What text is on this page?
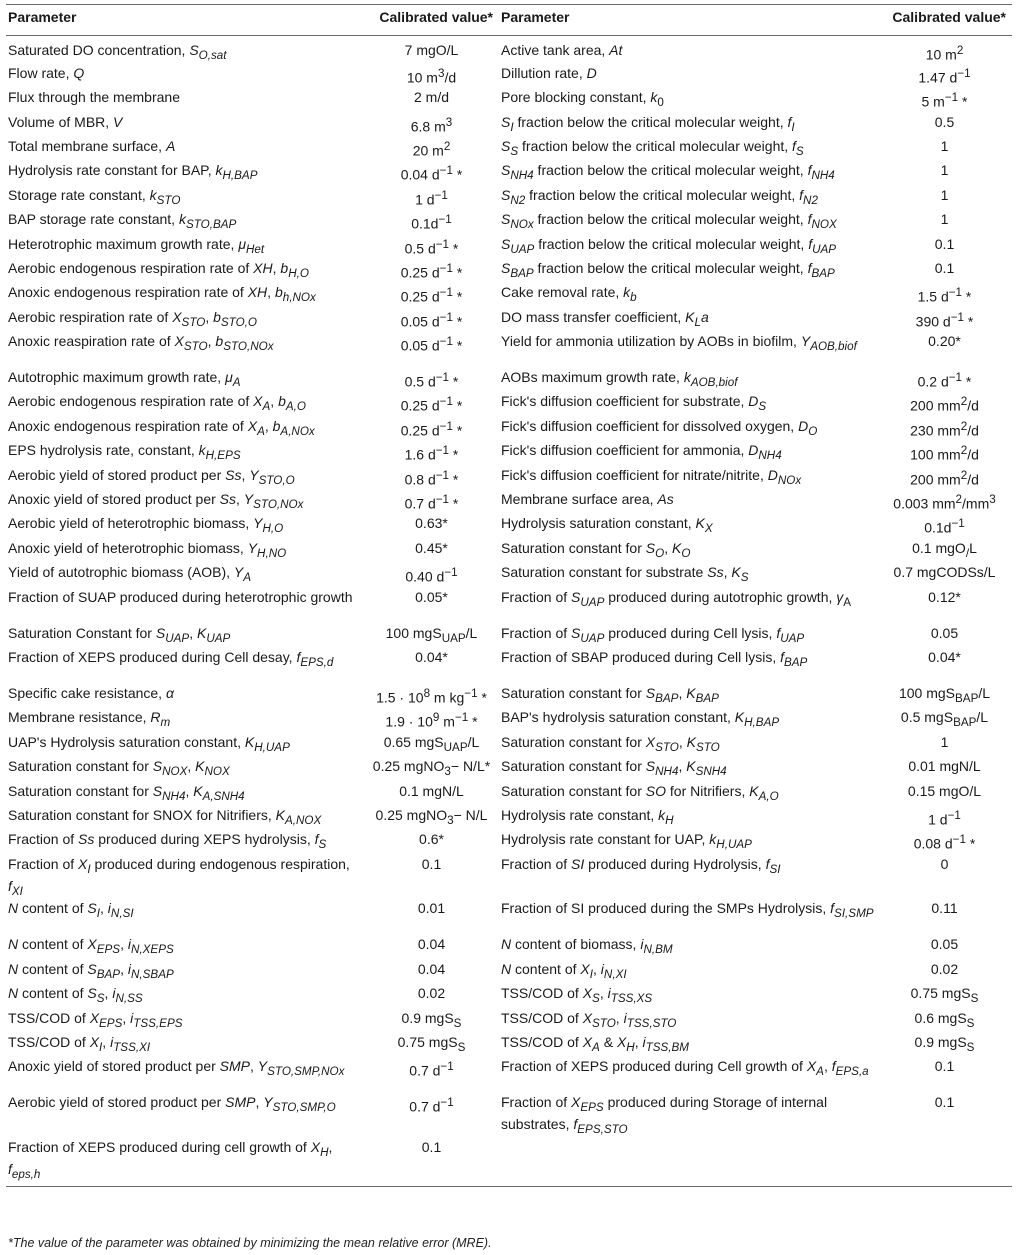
Parameter	Calibrated value*	Parameter	Calibrated value*
Saturated DO concentration, $S_{O,sat}$	7 mgO/L	Active tank area, At	10 $m^2$
Flow rate, Q	10 $m^3/d$	Dillution rate, D	1.47 $d^{-1}$
Flux through the membrane	2 m/d	Pore blocking constant, $k_0$	5 $m^{-1}$ *
Volume of MBR, V	6.8 $m^3$	$S_I$ fraction below the critical molecular weight, $f_I$	0.5
Total membrane surface, A	20 $m^2$	$S_S$ fraction below the critical molecular weight, $f_S$	1
Hydrolysis rate constant for BAP, $k_{H,BAP}$	0.04 $d^{-1}$ *	$S_{NH4}$ fraction below the critical molecular weight, $f_{NH4}$	1
Storage rate constant, $k_{STO}$	1 $d^{-1}$	$S_{N2}$ fraction below the critical molecular weight, $f_{N2}$	1
BAP storage rate constant, $k_{STO,BAP}$	$0.1d^{-1}$	$S_{NOx}$ fraction below the critical molecular weight, $f_{NOX}$	1
Heterotrophic maximum growth rate, $\mu_{Het}$	0.5 $d^{-1}$ *	$S_{UAP}$ fraction below the critical molecular weight, $f_{UAP}$	0.1
Aerobic endogenous respiration rate of XH, $b_{H,O}$	0.25 $d^{-1}$ *	$S_{BAP}$ fraction below the critical molecular weight, $f_{BAP}$	0.1
Anoxic endogenous respiration rate of XH, $b_{h,NOx}$	0.25 $d^{-1}$ *	Cake removal rate, $k_b$	1.5 $d^{-1}$ *
Aerobic respiration rate of $X_{STO}$, $b_{STO,O}$	0.05 $d^{-1}$ *	DO mass transfer coefficient, $K_La$	390 $d^{-1}$ *
Anoxic reaspiration rate of $X_{STO}$, $b_{STO,NOx}$	0.05 $d^{-1}$ *	Yield for ammonia utilization by AOBs in biofilm, $Y_{AOB,biof}$	0.20*
Autotrophic maximum growth rate, $\mu_A$	0.5 $d^{-1}$ *	AOBs maximum growth rate, $k_{AOB,biof}$	0.2 $d^{-1}$ *
Aerobic endogenous respiration rate of $X_A$, $b_{A,O}$	0.25 $d^{-1}$ *	Fick's diffusion coefficient for substrate, $D_S$	200 $mm^2/d$
Anoxic endogenous respiration rate of $X_A$, $b_{A,NOx}$	0.25 $d^{-1}$ *	Fick's diffusion coefficient for dissolved oxygen, $D_O$	230 $mm^2/d$
EPS hydrolysis rate, constant, $k_{H,EPS}$	1.6 $d^{-1}$ *	Fick's diffusion coefficient for ammonia, $D_{NH4}$	100 $mm^2/d$
Aerobic yield of stored product per Ss, $Y_{STO,O}$	0.8 $d^{-1}$ *	Fick's diffusion coefficient for nitrate/nitrite, $D_{NOx}$	200 $mm^2/d$
Anoxic yield of stored product per Ss, $Y_{STO,NOx}$	0.7 $d^{-1}$ *	Membrane surface area, As	0.003 $mm^2/mm^3$
Aerobic yield of heterotrophic biomass, $Y_{H,O}$	0.63*	Hydrolysis saturation constant, $K_X$	$0.1d^{-1}$
Anoxic yield of heterotrophic biomass, $Y_{H,NO}$	0.45*	Saturation constant for $S_O$, $K_O$	0.1 mgO$_/$L
Yield of autotrophic biomass (AOB), $Y_A$	0.40 $d^{-1}$	Saturation constant for substrate Ss, $K_S$	0.7 mgCODSs/L
Fraction of SUAP produced during heterotrophic growth	0.05*	Fraction of $S_{UAP}$ produced during autotrophic growth, $\gamma_A$	0.12*
Saturation Constant for $S_{UAP}$, $K_{UAP}$	100 mgS$_{UAP}$/L	Fraction of $S_{UAP}$ produced during Cell lysis, $f_{UAP}$	0.05
Fraction of XEPS produced during Cell desay, $f_{EPS,d}$	0.04*	Fraction of SBAP produced during Cell lysis, $f_{BAP}$	0.04*
Specific cake resistance, α	$1.5 \cdot 10^8$ m $kg^{-1}$ *	Saturation constant for $S_{BAP}$, $K_{BAP}$	100 mgS$_{BAP}$/L
Membrane resistance, $R_m$	$1.9 \cdot 10^9$ $m^{-1}$ *	BAP's hydrolysis saturation constant, $K_{H,BAP}$	0.5 mgS$_{BAP}$/L
UAP's Hydrolysis saturation constant, $K_{H,UAP}$	0.65 mgS$_{UAP}$/L	Saturation constant for $X_{STO}$, $K_{STO}$	1
Saturation constant for $S_{NOX}$, $K_{NOX}$	0.25 mgNO$_3$− N/L*	Saturation constant for $S_{NH4}$, $K_{SNH4}$	0.01 mgN/L
Saturation constant for $S_{NH4}$, $K_{A,SNH4}$	0.1 mgN/L	Saturation constant for SO for Nitrifiers, $K_{A,O}$	0.15 mgO/L
Saturation constant for SNOX for Nitrifiers, $K_{A,NOX}$	0.25 mgNO$_3$− N/L	Hydrolysis rate constant, $k_H$	1 $d^{-1}$
Fraction of Ss produced during XEPS hydrolysis, $f_S$	0.6*	Hydrolysis rate constant for UAP, $k_{H,UAP}$	0.08 $d^{-1}$ *
Fraction of $X_I$ produced during endogenous respiration, $f_{XI}$	0.1	Fraction of SI produced during Hydrolysis, $f_{SI}$	0
N content of $S_I$, $i_{N,SI}$	0.01	Fraction of SI produced during the SMPs Hydrolysis, $f_{SI,SMP}$	0.11
N content of $X_{EPS}$, $i_{N,XEPS}$	0.04	N content of biomass, $i_{N,BM}$	0.05
N content of $S_{BAP}$, $i_{N,SBAP}$	0.04	N content of $X_I$, $i_{N,XI}$	0.02
N content of $S_S$, $i_{N,SS}$	0.02	TSS/COD of $X_S$, $i_{TSS,XS}$	0.75 mgS$_S$
TSS/COD of $X_{EPS}$, $i_{TSS,EPS}$	0.9 mgS$_S$	TSS/COD of $X_{STO}$, $i_{TSS,STO}$	0.6 mgS$_S$
TSS/COD of $X_I$, $i_{TSS,XI}$	0.75 mgS$_S$	TSS/COD of $X_A$ & $X_H$, $i_{TSS,BM}$	0.9 mgS$_S$
Anoxic yield of stored product per SMP, $Y_{STO,SMP,NOx}$	0.7 $d^{-1}$	Fraction of XEPS produced during Cell growth of $X_A$, $f_{EPS,a}$	0.1
Aerobic yield of stored product per SMP, $Y_{STO,SMP,O}$	0.7 $d^{-1}$	Fraction of $X_{EPS}$ produced during Storage of internal substrates, $f_{EPS,STO}$	0.1
Fraction of XEPS produced during cell growth of $X_H$, $f_{eps,h}$	0.1		
*The value of the parameter was obtained by minimizing the mean relative error (MRE).
